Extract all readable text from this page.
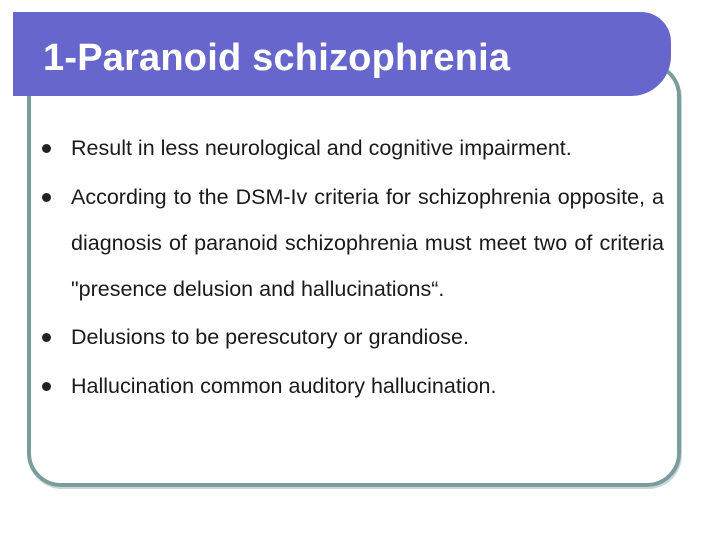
1-Paranoid schizophrenia
Result in less neurological and cognitive impairment.
According to the DSM-Iv criteria for schizophrenia opposite, a diagnosis of paranoid schizophrenia must meet two of criteria "presence delusion and hallucinations“.
Delusions to be perescutory or grandiose.
Hallucination common auditory hallucination.
